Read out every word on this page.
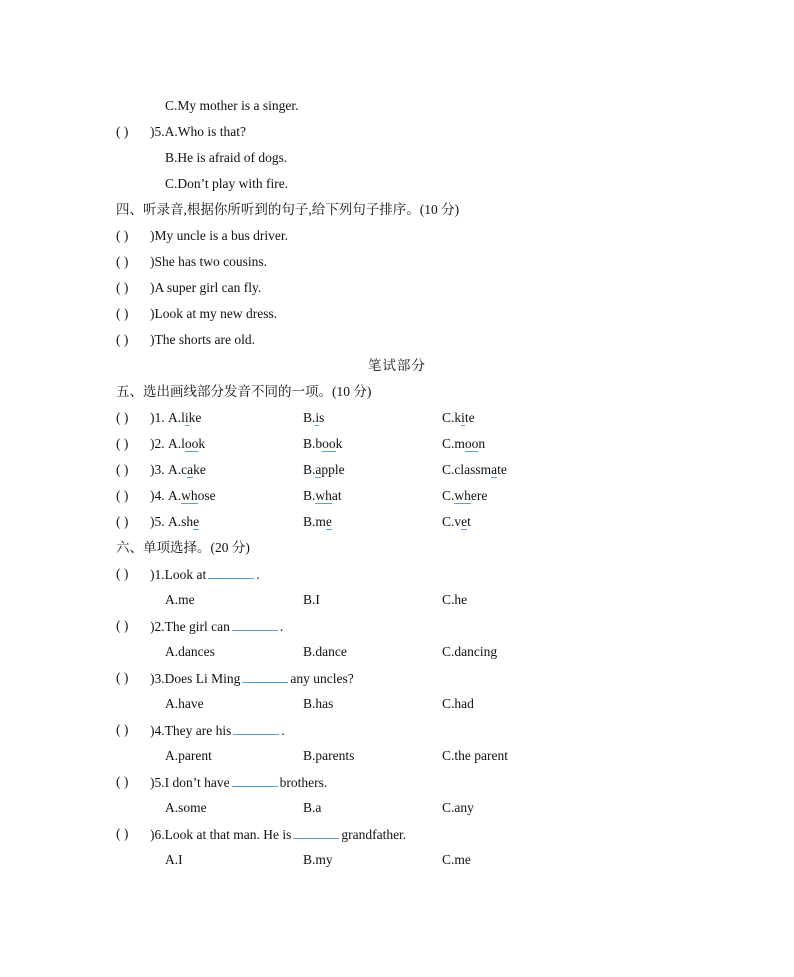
C.My mother is a singer.
( ) )5.A.Who is that?
B.He is afraid of dogs.
C.Don’t play with fire.
四、听录音,根据你所听到的句子,给下列句子排序。(10 分)
( ) )My uncle is a bus driver.
( ) )She has two cousins.
( ) )A super girl can fly.
( ) )Look at my new dress.
( ) )The shorts are old.
笔试部分
五、选出画线部分发音不同的一项。(10 分)
( ) )1. A.like	B.is	C.kite
( ) )2. A.look	B.book	C.moon
( ) )3. A.cake	B.apple	C.classmate
( ) )4. A.whose	B.what	C.where
( ) )5. A.she	B.me	C.vet
六、单项选择。(20 分)
( ) )1.Look at	.
A.me	B.I	C.he
( ) )2.The girl can	.
A.dances	B.dance	C.dancing
( ) )3.Does Li Ming	any uncles?
A.have	B.has	C.had
( ) )4.They are his	.
A.parent	B.parents	C.the parent
( ) )5.I don’t have	brothers.
A.some	B.a	C.any
( ) )6.Look at that man. He is	grandfather.
A.I	B.my	C.me
